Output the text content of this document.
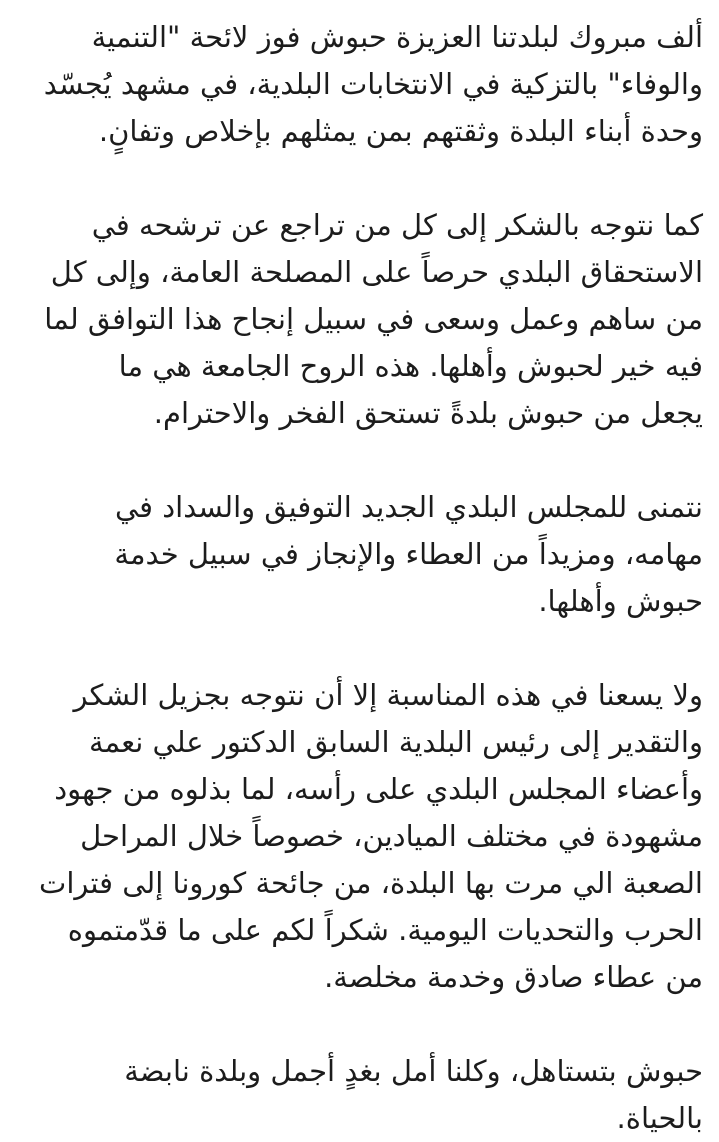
ألف مبروك لبلدتنا العزيزة حبوش فوز لائحة "التنمية
والوفاء" بالتزكية في الانتخابات البلدية، في مشهد يُجسّد
وحدة أبناء البلدة وثقتهم بمن يمثلهم بإخلاص وتفانٍ.

كما نتوجه بالشكر إلى كل من تراجع عن ترشحه في
الاستحقاق البلدي حرصاً على المصلحة العامة، وإلى كل
من ساهم وعمل وسعى في سبيل إنجاح هذا التوافق لما
فيه خير لحبوش وأهلها. هذه الروح الجامعة هي ما
يجعل من حبوش بلدةً تستحق الفخر والاحترام.

نتمنى للمجلس البلدي الجديد التوفيق والسداد في
مهامه، ومزيداً من العطاء والإنجاز في سبيل خدمة
حبوش وأهلها.

ولا يسعنا في هذه المناسبة إلا أن نتوجه بجزيل الشكر
والتقدير إلى رئيس البلدية السابق الدكتور علي نعمة
وأعضاء المجلس البلدي على رأسه، لما بذلوه من جهود
مشهودة في مختلف الميادين، خصوصاً خلال المراحل
الصعبة الي مرت بها البلدة، من جائحة كورونا إلى فترات
الحرب والتحديات اليومية. شكراً لكم على ما قدّمتموه
من عطاء صادق وخدمة مخلصة.

حبوش بتستاهل، وكلنا أمل بغدٍ أجمل وبلدة نابضة
بالحياة.
